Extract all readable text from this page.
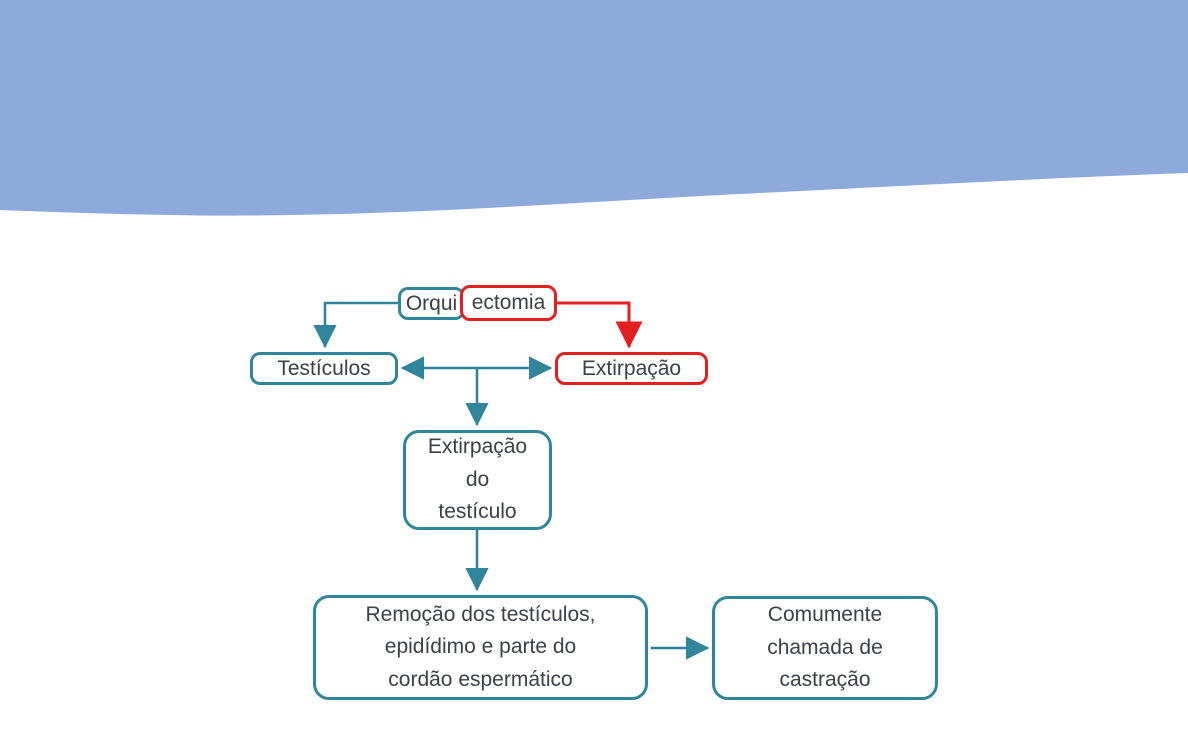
Orqui ectomia
Testículos	Extirpação
Extirpação
do
testículo
Remoção dos testículos,
epidídimo e parte do
cordão espermático
Comumente
chamada de
castração
